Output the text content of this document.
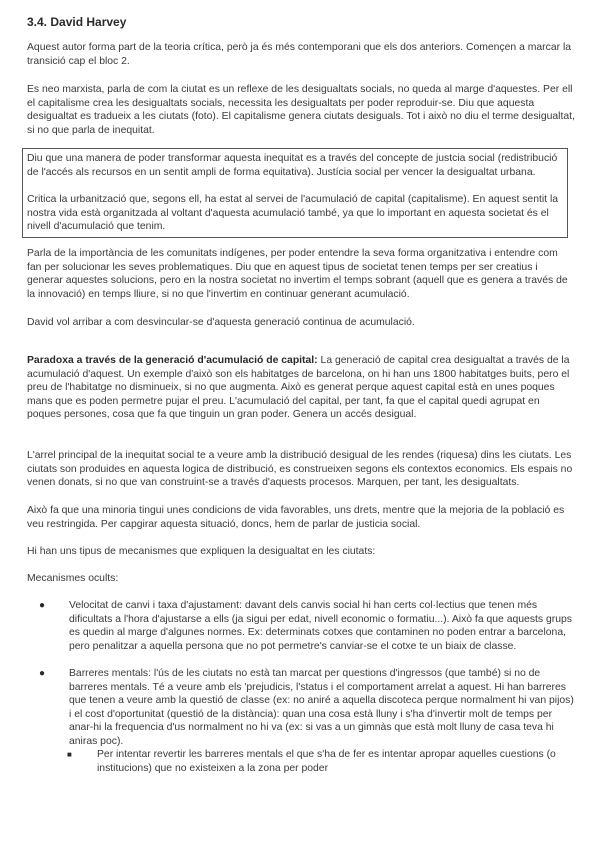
3.4. David Harvey

Aquest autor forma part de la teoria crítica, però ja és més contemporani que els dos anteriors. Començen a marcar la transició cap el bloc 2.

Es neo marxista, parla de com la ciutat es un reflexe de les desigualtats socials, no queda al marge d'aquestes. Per ell el capitalisme crea les desigualtats socials, necessita les desigualtats per poder reproduir-se. Diu que aquesta desigualtat es tradueix a les ciutats (foto). El capitalisme genera ciutats desiguals. Tot i això no diu el terme desigualtat, si no que parla de inequitat.

Diu que una manera de poder transformar aquesta inequitat es a través del concepte de justcia social (redistribució de l'accés als recursos en un sentit ampli de forma equitativa). Justícia social per vencer la desigualtat urbana.

Critica la urbanització que, segons ell, ha estat al servei de l'acumulació de capital (capitalisme). En aquest sentit la nostra vida està organitzada al voltant d'aquesta acumulació també, ya que lo important en aquesta societat és el nivell d'acumulació que tenim.

Parla de la importància de les comunitats indígenes, per poder entendre la seva forma organitzativa i entendre com fan per solucionar les seves problematiques. Diu que en aquest tipus de societat tenen temps per ser creatius i generar aquestes solucions, pero en la nostra societat no invertim el temps sobrant (aquell que es genera a través de la innovació) en temps lliure, si no que l'invertim en continuar generant acumulació.

David vol arribar a com desvincular-se d'aquesta generació continua de acumulació.

Paradoxa a través de la generació d'acumulació de capital: La generació de capital crea desigualtat a través de la acumulació d'aquest. Un exemple d'això son els habitatges de barcelona, on hi han uns 1800 habitatges buits, pero el preu de l'habitatge no disminueix, si no que augmenta. Això es generat perque aquest capital està en unes poques mans que es poden permetre pujar el preu. L'acumulació del capital, per tant, fa que el capital quedi agrupat en poques persones, cosa que fa que tinguin un gran poder. Genera un accés desigual.

L'arrel principal de la inequitat social te a veure amb la distribució desigual de les rendes (riquesa) dins les ciutats. Les ciutats son produides en aquesta logica de distribució, es construeixen segons els contextos economics. Els espais no venen donats, si no que van construint-se a través d'aquests procesos. Marquen, per tant, les desigualtats.

Això fa que una minoria tingui unes condicions de vida favorables, uns drets, mentre que la mejoria de la població es veu restringida. Per capgirar aquesta situació, doncs, hem de parlar de justicia social.

Hi han uns tipus de mecanismes que expliquen la desigualtat en les ciutats:

Mecanismes ocults:

● Velocitat de canvi i taxa d'ajustament: davant dels canvis social hi han certs col·lectius que tenen més dificultats a l'hora d'ajustarse a ells (ja sigui per edat, nivell economic o formatiu...). Això fa que aquests grups es quedin al marge d'algunes normes. Ex: determinats cotxes que contaminen no poden entrar a barcelona, pero penalitzar a aquella persona que no pot permetre's canviar-se el cotxe te un biaix de classe.

● Barreres mentals: l'ús de les ciutats no està tan marcat per questions d'ingressos (que també) si no de barreres mentals. Té a veure amb els 'prejudicis, l'status i el comportament arrelat a aquest. Hi han barreres que tenen a veure amb la questió de classe (ex: no aniré a aquella discoteca perque normalment hi van pijos) i el cost d'oportunitat (questió de la distància): quan una cosa està lluny i s'ha d'invertir molt de temps per anar-hi la frequencia d'us normalment no hi va (ex: si vas a un gimnàs que està molt lluny de casa teva hi aniras poc).

■ Per intentar revertir les barreres mentals el que s'ha de fer es intentar apropar aquelles cuestions (o institucions) que no existeixen a la zona per poder
